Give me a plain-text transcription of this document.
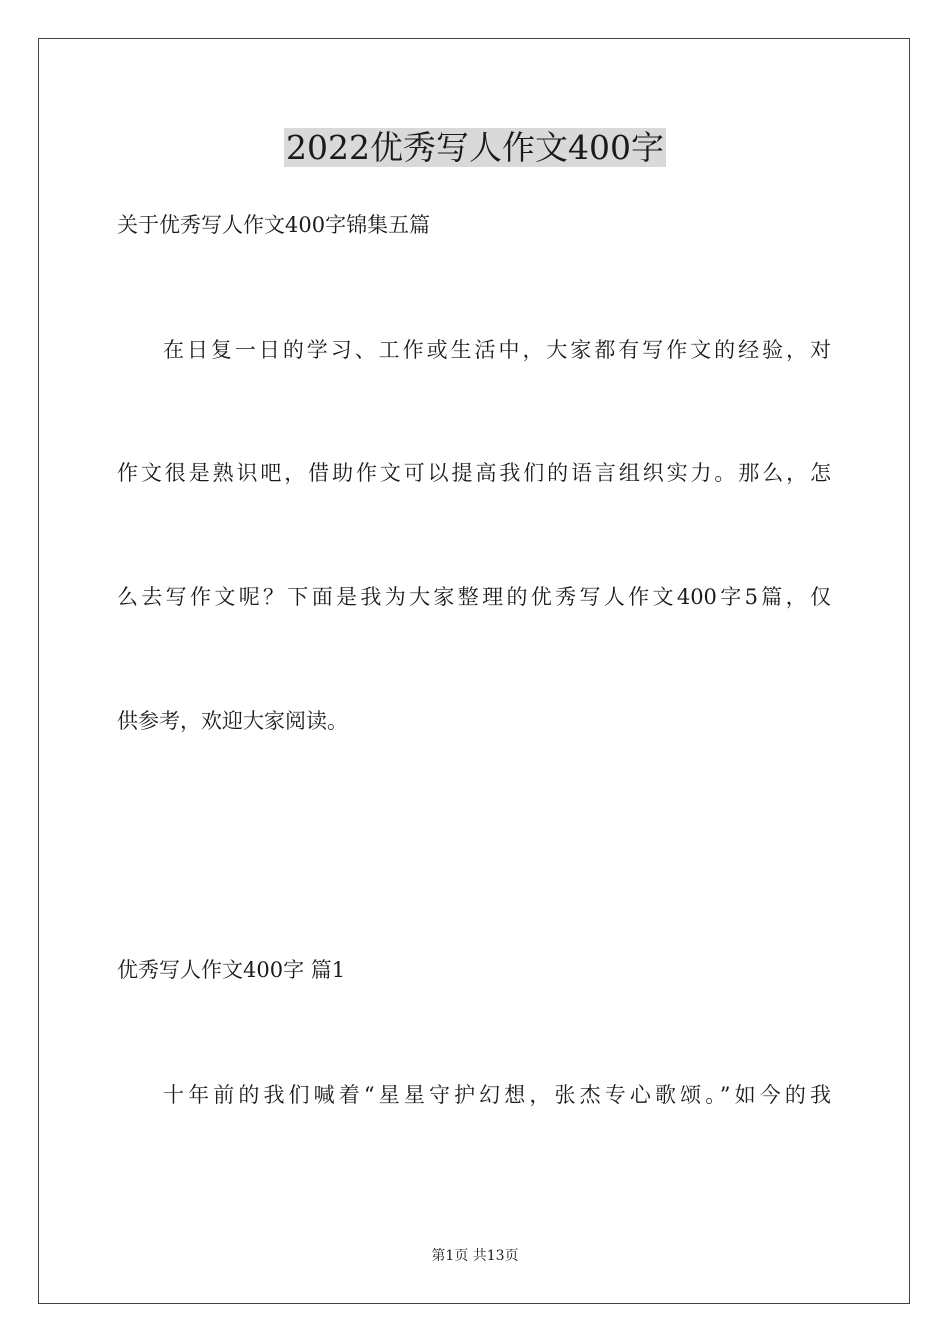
2022优秀写人作文400字
关于优秀写人作文400字锦集五篇
在日复一日的学习、工作或生活中，大家都有写作文的经验，对
作文很是熟识吧，借助作文可以提高我们的语言组织实力。那么，怎
么去写作文呢？下面是我为大家整理的优秀写人作文400字5篇，仅
供参考，欢迎大家阅读。
优秀写人作文400字 篇1
十年前的我们喊着“星星守护幻想，张杰专心歌颂。”如今的我
第1页 共13页
